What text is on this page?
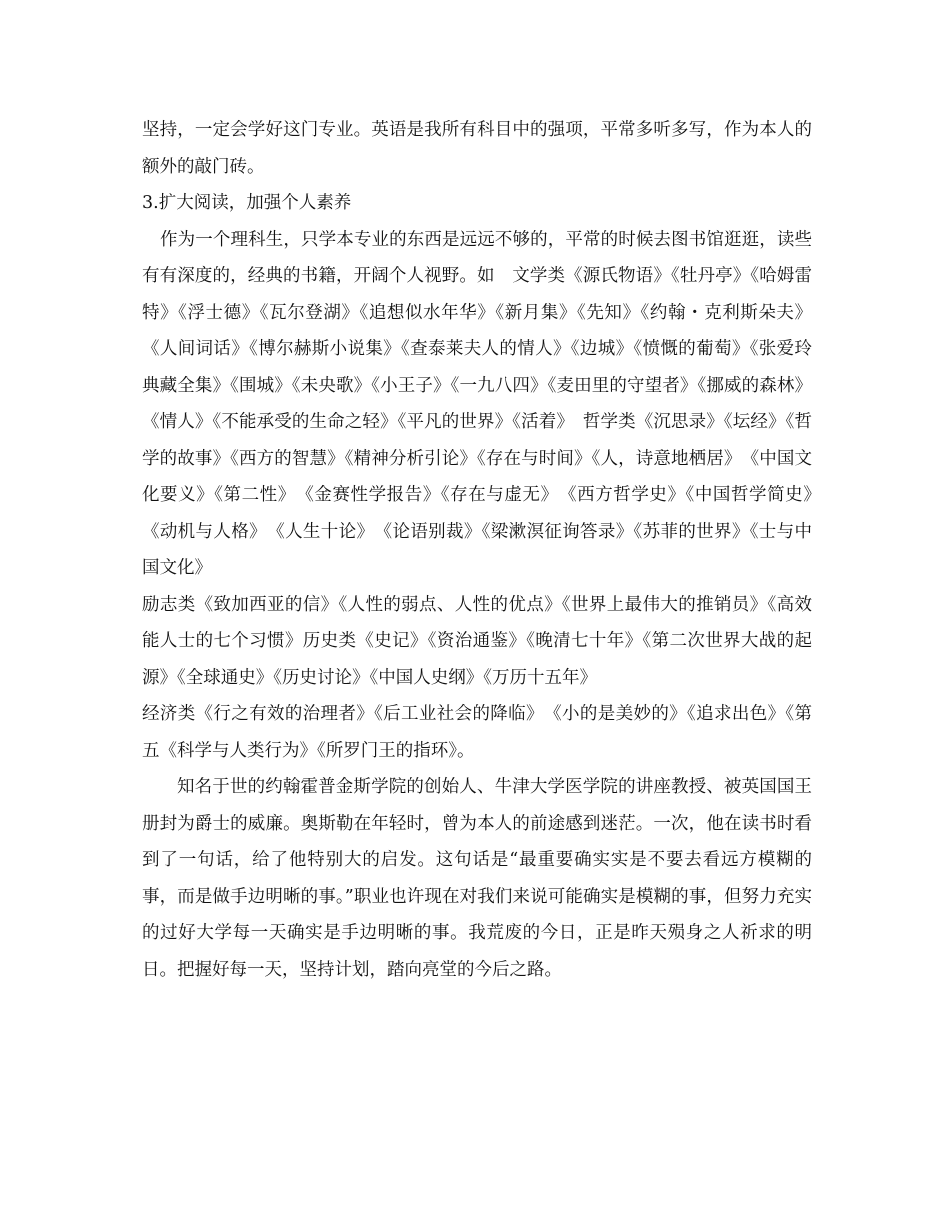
坚持，一定会学好这门专业。英语是我所有科目中的强项，平常多听多写，作为本人的额外的敲门砖。

3.扩大阅读，加强个人素养

作为一个理科生，只学本专业的东西是远远不够的，平常的时候去图书馆逛逛，读些有有深度的，经典的书籍，开阔个人视野。如　文学类《源氏物语》《牡丹亭》《哈姆雷特》《浮士德》《瓦尔登湖》《追想似水年华》《新月集》《先知》《约翰・克利斯朵夫》《人间词话》《博尔赫斯小说集》《查泰莱夫人的情人》《边城》《愤慨的葡萄》《张爱玲典藏全集》《围城》《未央歌》《小王子》《一九八四》《麦田里的守望者》《挪威的森林》《情人》《不能承受的生命之轻》《平凡的世界》《活着》　哲学类《沉思录》《坛经》《哲学的故事》《西方的智慧》《精神分析引论》《存在与时间》《人，诗意地栖居》　《中国文化要义》《第二性》　《金赛性学报告》《存在与虚无》　《西方哲学史》《中国哲学简史》　《动机与人格》　《人生十论》　《论语别裁》《梁漱溟征询答录》《苏菲的世界》《士与中国文化》

励志类《致加西亚的信》《人性的弱点、人性的优点》《世界上最伟大的推销员》《高效能人士的七个习惯》历史类《史记》《资治通鉴》《晚清七十年》《第二次世界大战的起源》《全球通史》《历史讨论》《中国人史纲》《万历十五年》

经济类《行之有效的治理者》《后工业社会的降临》　《小的是美妙的》《追求出色》《第五《科学与人类行为》《所罗门王的指环》。

知名于世的约翰霍普金斯学院的创始人、牛津大学医学院的讲座教授、被英国国王册封为爵士的威廉。奥斯勒在年轻时，曾为本人的前途感到迷茫。一次，他在读书时看到了一句话，给了他特别大的启发。这句话是“最重要确实实是不要去看远方模糊的事，而是做手边明晰的事。”职业也许现在对我们来说可能确实是模糊的事，但努力充实的过好大学每一天确实是手边明晰的事。我荒废的今日，正是昨天殒身之人祈求的明日。把握好每一天，坚持计划，踏向亮堂的今后之路。
